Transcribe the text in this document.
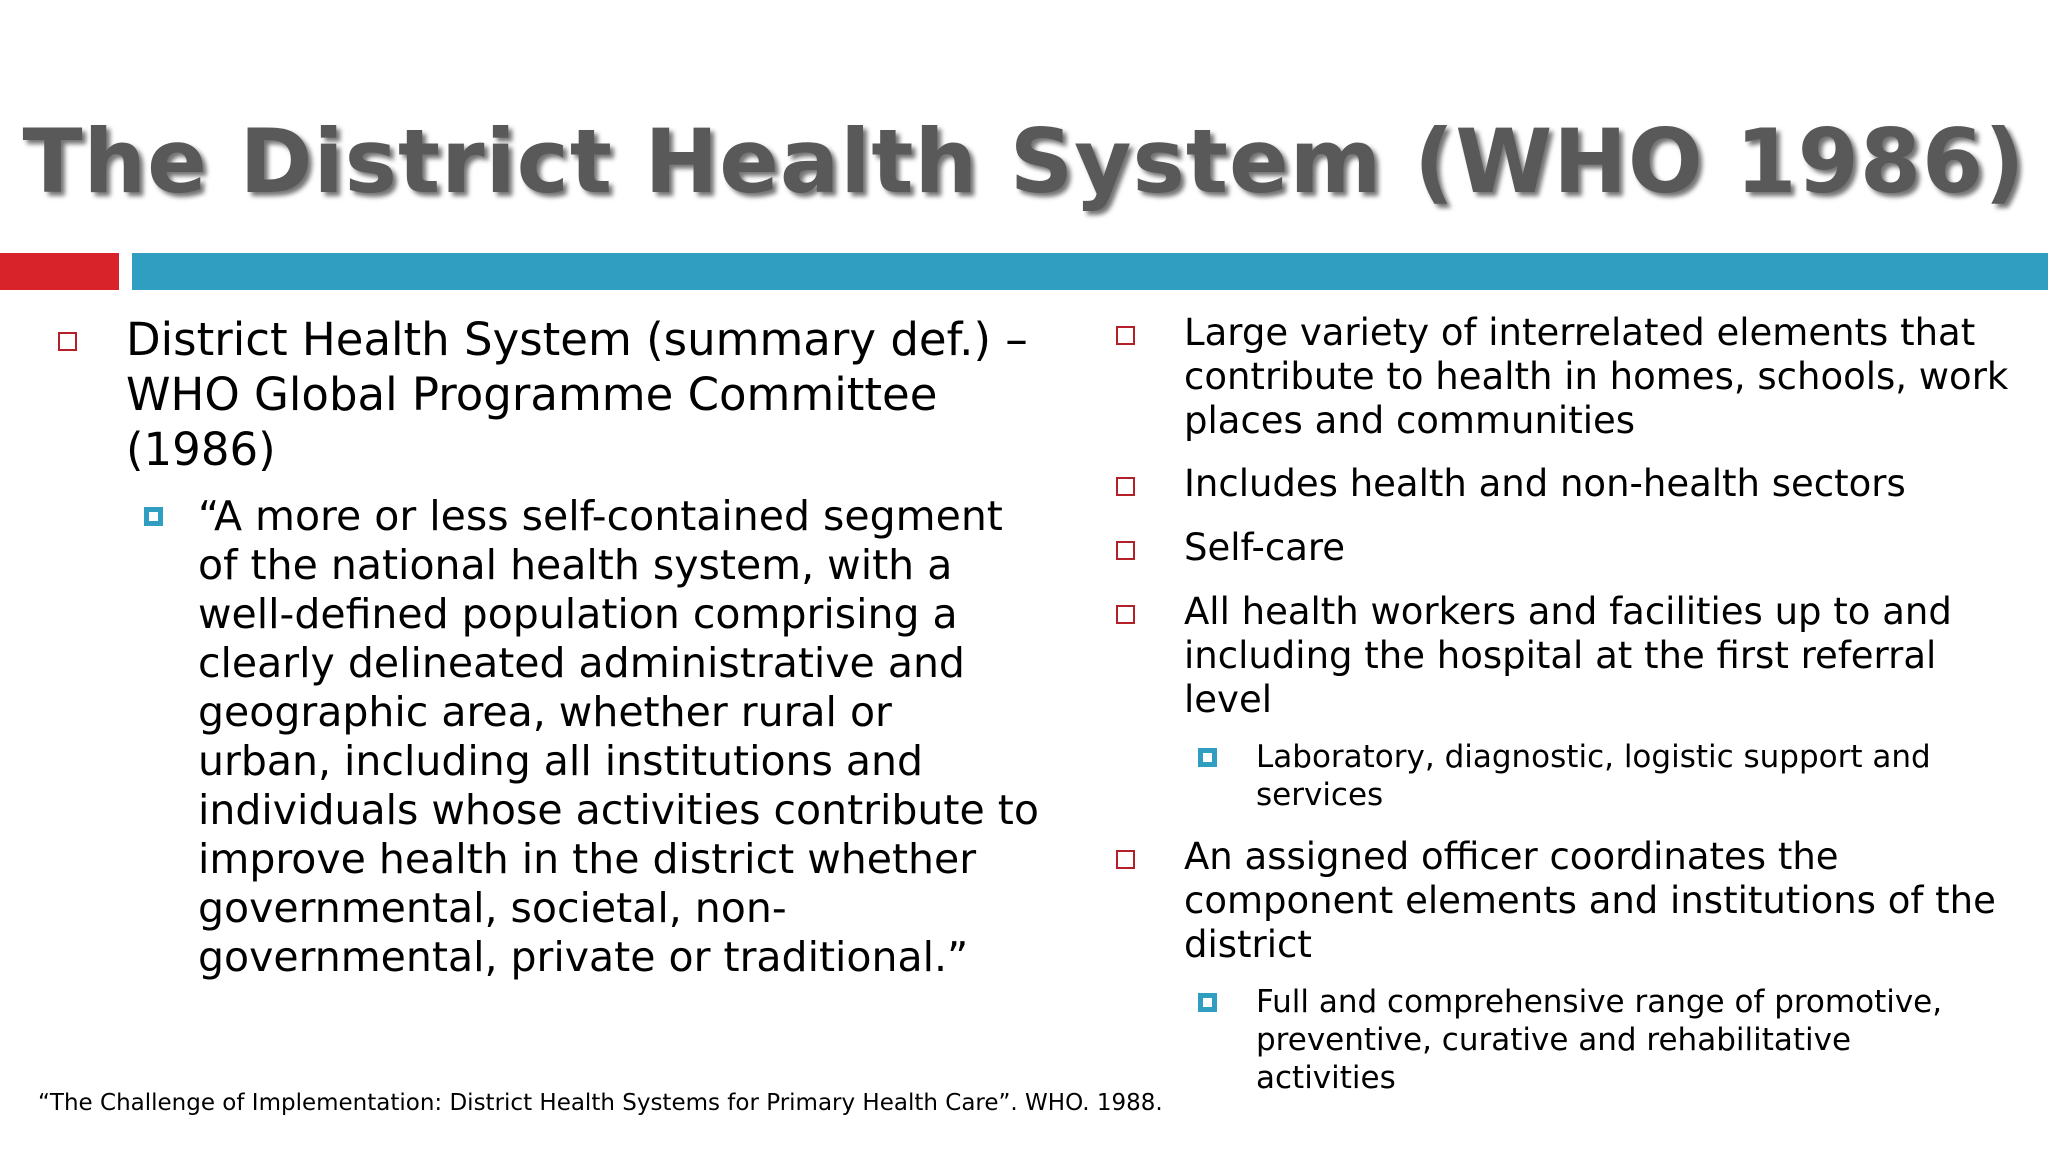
The District Health System (WHO 1986)
District Health System (summary def.) –
WHO Global Programme Committee
(1986)
“A more or less self-contained segment
of the national health system, with a
well-defined population comprising a
clearly delineated administrative and
geographic area, whether rural or
urban, including all institutions and
individuals whose activities contribute to
improve health in the district whether
governmental, societal, non-
governmental, private or traditional.”
Large variety of interrelated elements that
contribute to health in homes, schools, work
places and communities
Includes health and non-health sectors
Self-care
All health workers and facilities up to and
including the hospital at the first referral
level
Laboratory, diagnostic, logistic support and
services
An assigned officer coordinates the
component elements and institutions of the
district
Full and comprehensive range of promotive,
preventive, curative and rehabilitative
activities
“The Challenge of Implementation: District Health Systems for Primary Health Care”. WHO. 1988.
